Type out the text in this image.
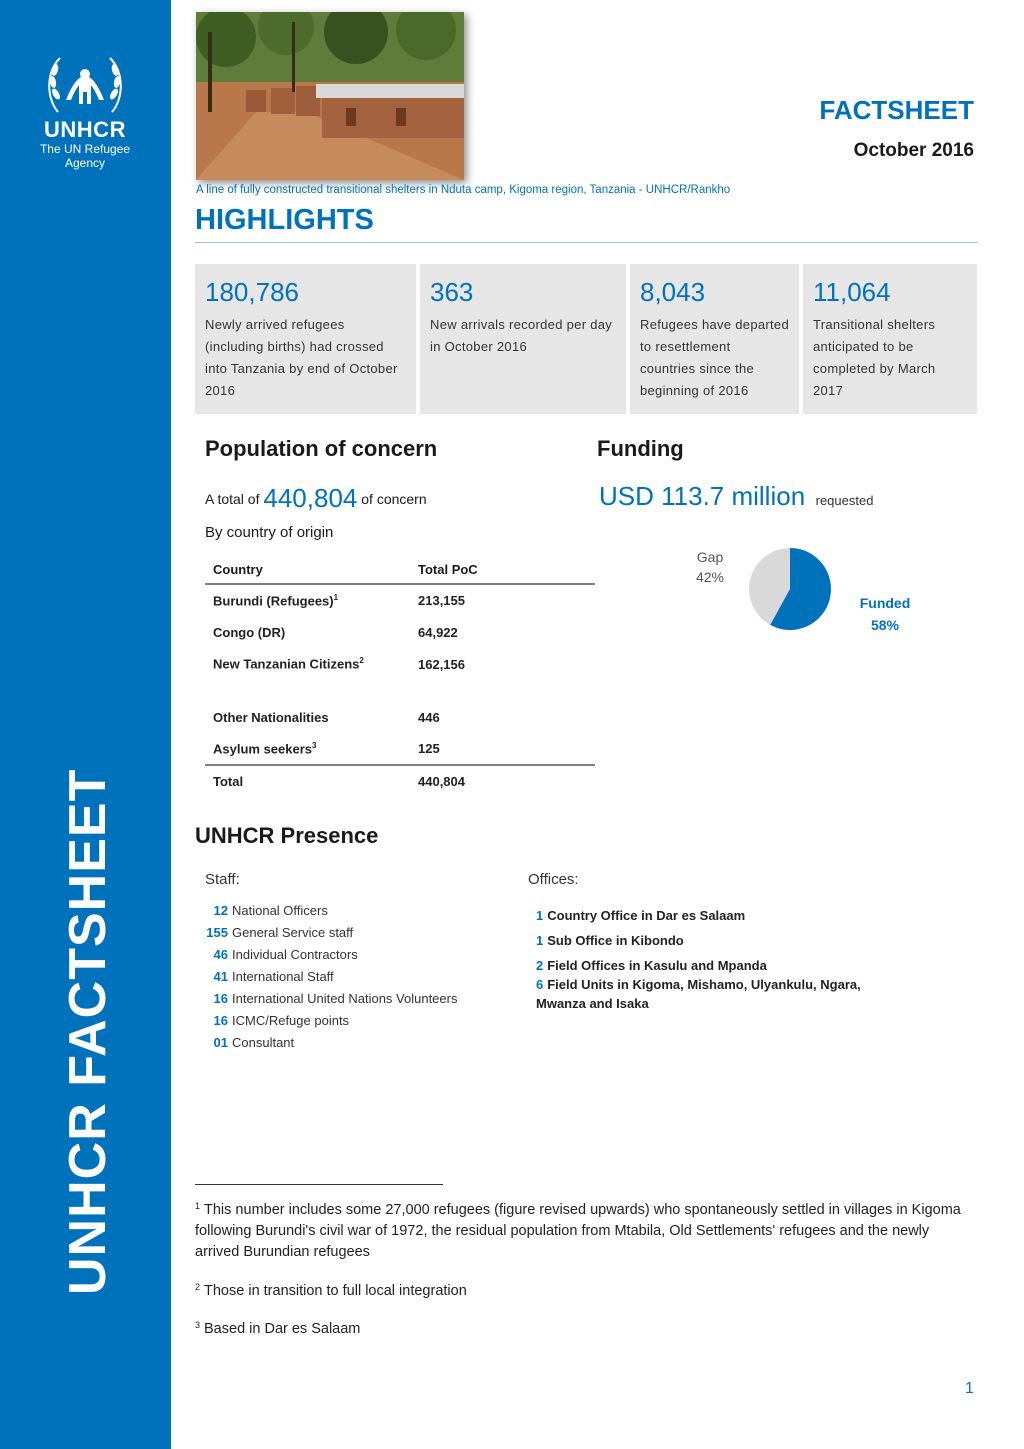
UNHCR
The UN Refugee Agency
UNHCR FACTSHEET
A line of fully constructed transitional shelters in Nduta camp, Kigoma region, Tanzania - UNHCR/Rankho
FACTSHEET
October 2016
HIGHLIGHTS
180,786
Newly arrived refugees (including births) had crossed into Tanzania by end of October 2016
363
New arrivals recorded per day in October 2016
8,043
Refugees have departed to resettlement countries since the beginning of 2016
11,064
Transitional shelters anticipated to be completed by March 2017
Population of concern
A total of 440,804 of concern
By country of origin
Country	Total PoC
Burundi (Refugees)$^1$	213,155
Congo (DR)	64,922
New Tanzanian Citizens$^2$	162,156

Other Nationalities	446
Asylum seekers$^3$	125
Total	440,804
Funding
USD 113.7 million requested
Gap
42%
Funded
58%
UNHCR Presence
Staff:
12 National Officers
155 General Service staff
46 Individual Contractors
41 International Staff
16 International United Nations Volunteers
16 ICMC/Refuge points
01 Consultant
Offices:
1 Country Office in Dar es Salaam
1 Sub Office in Kibondo
2 Field Offices in Kasulu and Mpanda
6 Field Units in Kigoma, Mishamo, Ulyankulu, Ngara, Mwanza and Isaka
$^1$ This number includes some 27,000 refugees (figure revised upwards) who spontaneously settled in villages in Kigoma following Burundi's civil war of 1972, the residual population from Mtabila, Old Settlements' refugees and the newly arrived Burundian refugees
$^2$ Those in transition to full local integration
$^3$ Based in Dar es Salaam
1
